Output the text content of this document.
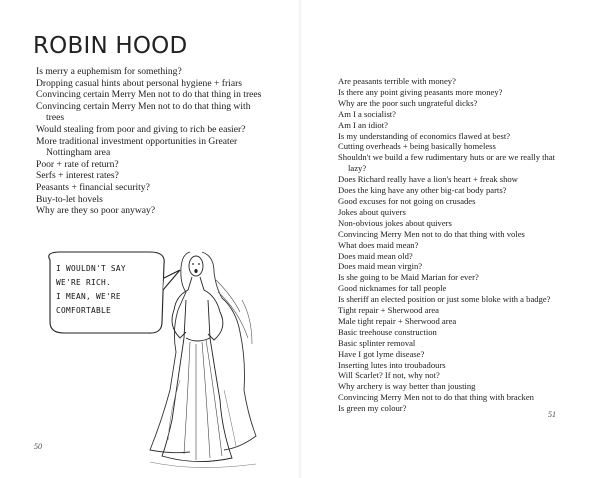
ROBIN HOOD
Is merry a euphemism for something?
Dropping casual hints about personal hygiene + friars
Convincing certain Merry Men not to do that thing in trees
Convincing certain Merry Men not to do that thing with trees
Would stealing from poor and giving to rich be easier?
More traditional investment opportunities in Greater Nottingham area
Poor + rate of return?
Serfs + interest rates?
Peasants + financial security?
Buy-to-let hovels
Why are they so poor anyway?
I WOULDN'T SAY
WE'RE RICH.
I MEAN, WE'RE
COMFORTABLE
50
Are peasants terrible with money?
Is there any point giving peasants more money?
Why are the poor such ungrateful dicks?
Am I a socialist?
Am I an idiot?
Is my understanding of economics flawed at best?
Cutting overheads + being basically homeless
Shouldn't we build a few rudimentary huts or are we really that lazy?
Does Richard really have a lion's heart + freak show
Does the king have any other big-cat body parts?
Good excuses for not going on crusades
Jokes about quivers
Non-obvious jokes about quivers
Convincing Merry Men not to do that thing with voles
What does maid mean?
Does maid mean old?
Does maid mean virgin?
Is she going to be Maid Marian for ever?
Good nicknames for tall people
Is sheriff an elected position or just some bloke with a badge?
Tight repair + Sherwood area
Male tight repair + Sherwood area
Basic treehouse construction
Basic splinter removal
Have I got lyme disease?
Inserting lutes into troubadours
Will Scarlet? If not, why not?
Why archery is way better than jousting
Convincing Merry Men not to do that thing with bracken
Is green my colour?
51
